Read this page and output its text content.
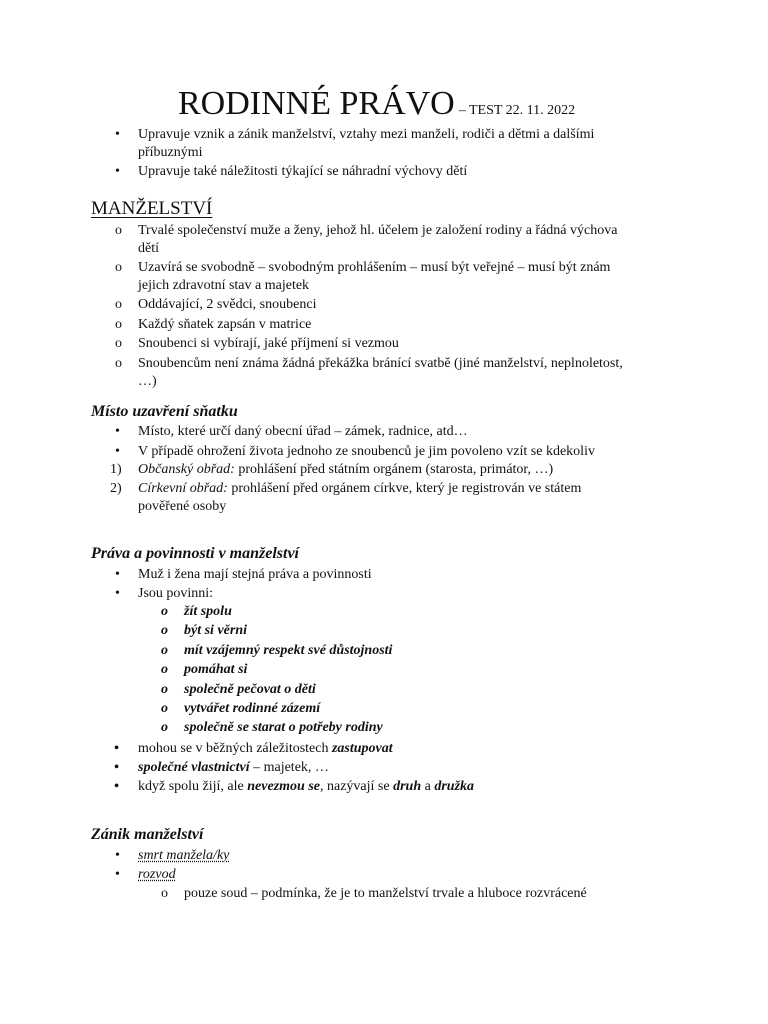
RODINNÉ PRÁVO – TEST 22. 11. 2022
• Upravuje vznik a zánik manželství, vztahy mezi manželi, rodiči a dětmi a dalšími
příbuznými
• Upravuje také náležitosti týkající se náhradní výchovy dětí
MANŽELSTVÍ
o Trvalé společenství muže a ženy, jehož hl. účelem je založení rodiny a řádná výchova
dětí
o Uzavírá se svobodně – svobodným prohlášením – musí být veřejné – musí být znám
jejich zdravotní stav a majetek
o Oddávající, 2 svědci, snoubenci
o Každý sňatek zapsán v matrice
o Snoubenci si vybírají, jaké příjmení si vezmou
o Snoubencům není známa žádná překážka bránící svatbě (jiné manželství, neplnoletost,
…)
Místo uzavření sňatku
• Místo, které určí daný obecní úřad – zámek, radnice, atd…
• V případě ohrožení života jednoho ze snoubenců je jim povoleno vzít se kdekoliv
1) Občanský obřad: prohlášení před státním orgánem (starosta, primátor, …)
2) Církevní obřad: prohlášení před orgánem církve, který je registrován ve státem
pověřené osoby
Práva a povinnosti v manželství
• Muž i žena mají stejná práva a povinnosti
• Jsou povinni:
o žít spolu
o být si věrni
o mít vzájemný respekt své důstojnosti
o pomáhat si
o společně pečovat o děti
o vytvářet rodinné zázemí
o společně se starat o potřeby rodiny
• mohou se v běžných záležitostech zastupovat
• společné vlastnictví – majetek, …
• když spolu žijí, ale nevezmou se, nazývají se druh a družka
Zánik manželství
• smrt manžela/ky
• rozvod
o pouze soud – podmínka, že je to manželství trvale a hluboce rozvrácené
